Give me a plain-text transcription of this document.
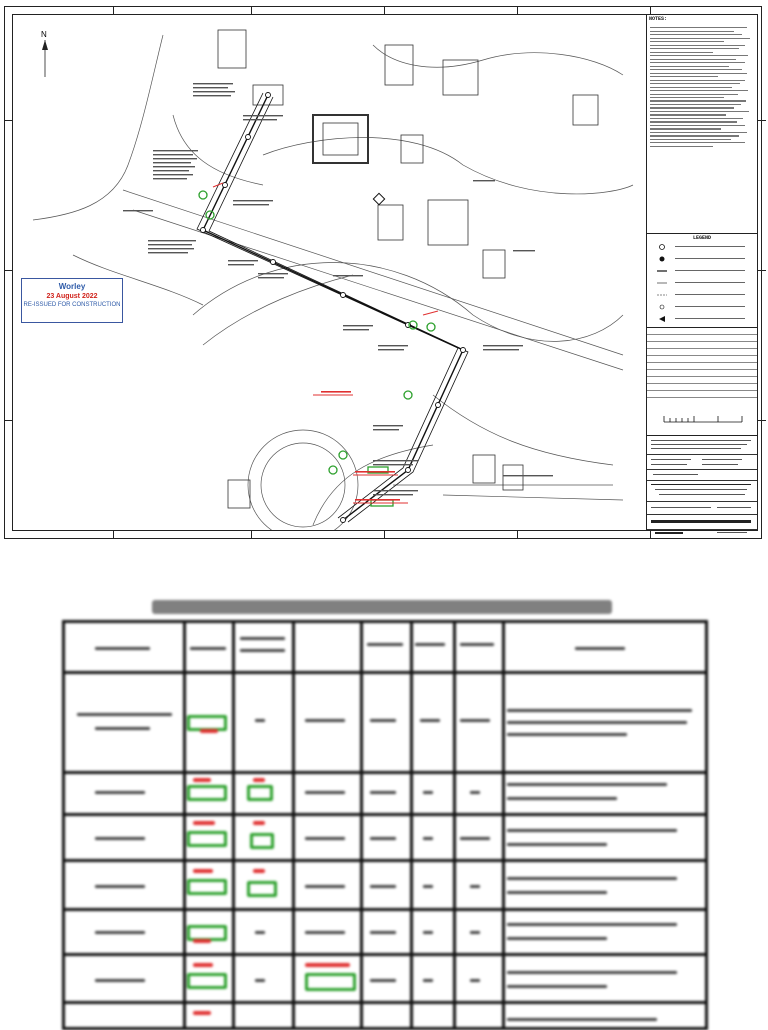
N
NOTES:
LEGEND
Worley
23 August 2022
RE-ISSUED FOR CONSTRUCTION
